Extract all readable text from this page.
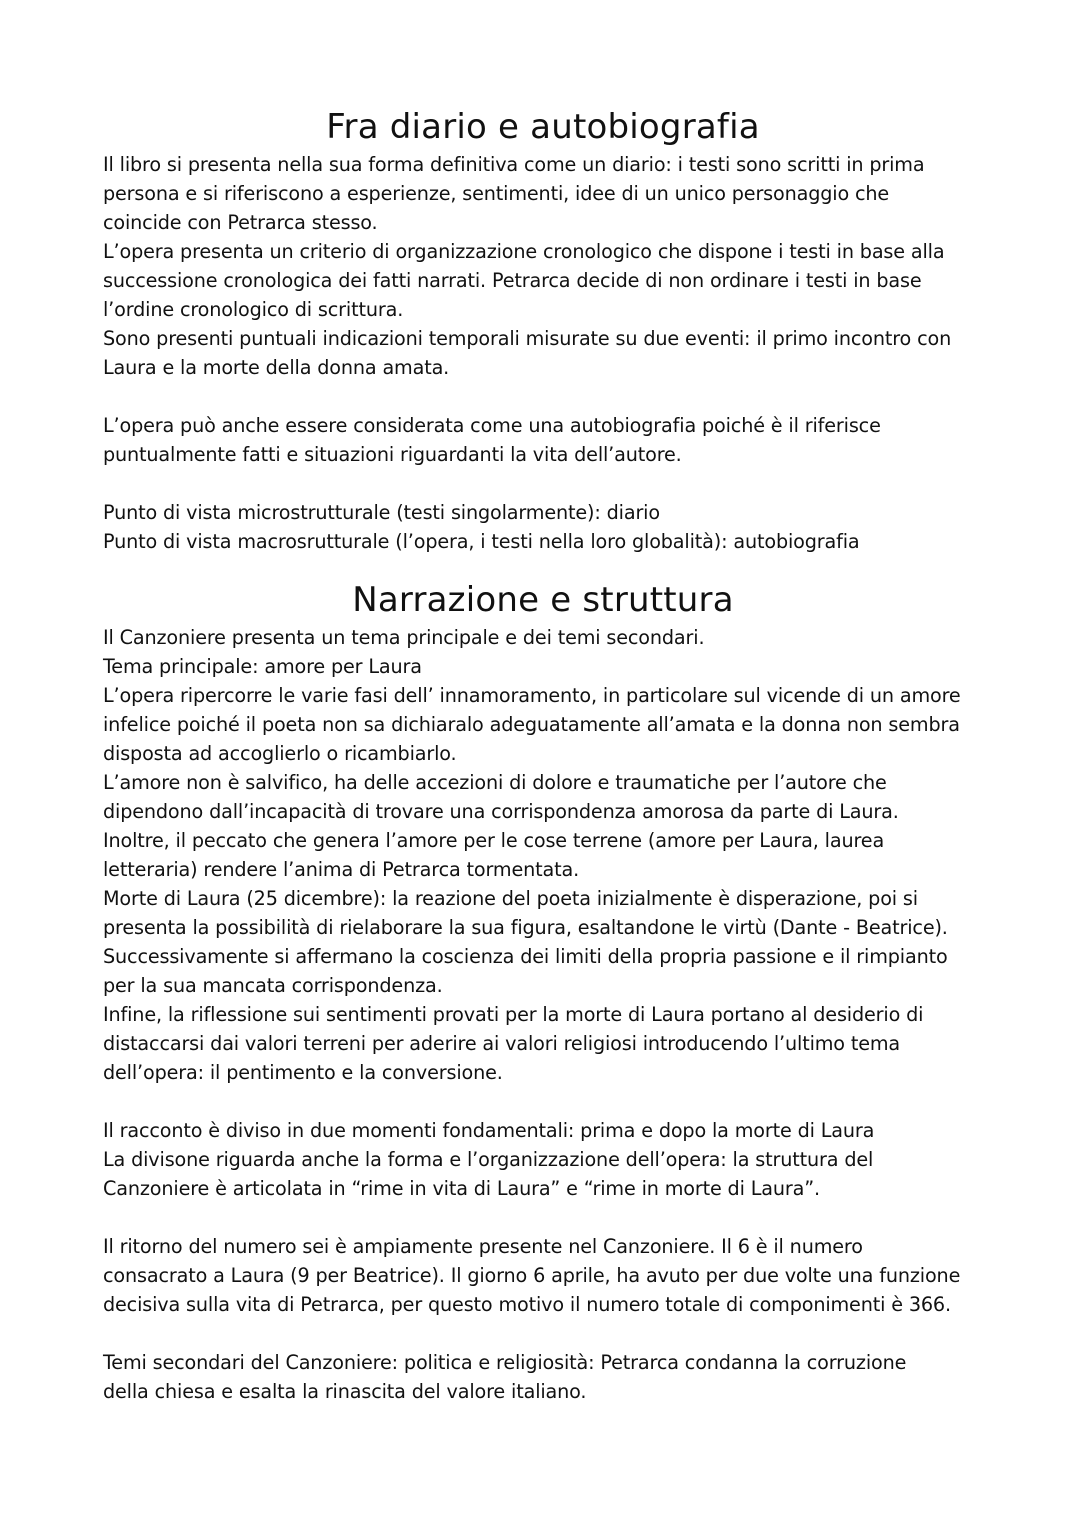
Fra diario e autobiografia

Il libro si presenta nella sua forma definitiva come un diario: i testi sono scritti in prima

persona e si riferiscono a esperienze, sentimenti, idee di un unico personaggio che

coincide con Petrarca stesso.

L’opera presenta un criterio di organizzazione cronologico che dispone i testi in base alla

successione cronologica dei fatti narrati. Petrarca decide di non ordinare i testi in base

l’ordine cronologico di scrittura.

Sono presenti puntuali indicazioni temporali misurate su due eventi: il primo incontro con

Laura e la morte della donna amata.

L’opera può anche essere considerata come una autobiografia poiché è il riferisce

puntualmente fatti e situazioni riguardanti la vita dell’autore.

Punto di vista microstrutturale (testi singolarmente): diario

Punto di vista macrosrutturale (l’opera, i testi nella loro globalità): autobiografia

Narrazione e struttura

Il Canzoniere presenta un tema principale e dei temi secondari.

Tema principale: amore per Laura

L’opera ripercorre le varie fasi dell’ innamoramento, in particolare sul vicende di un amore

infelice poiché il poeta non sa dichiaralo adeguatamente all’amata e la donna non sembra

disposta ad accoglierlo o ricambiarlo.

L’amore non è salvifico, ha delle accezioni di dolore e traumatiche per l’autore che

dipendono dall’incapacità di trovare una corrispondenza amorosa da parte di Laura.

Inoltre, il peccato che genera l’amore per le cose terrene (amore per Laura, laurea

letteraria) rendere l’anima di Petrarca tormentata.

Morte di Laura (25 dicembre): la reazione del poeta inizialmente è disperazione, poi si

presenta la possibilità di rielaborare la sua figura, esaltandone le virtù (Dante - Beatrice).

Successivamente si affermano la coscienza dei limiti della propria passione e il rimpianto

per la sua mancata corrispondenza.

Infine, la riflessione sui sentimenti provati per la morte di Laura portano al desiderio di

distaccarsi dai valori terreni per aderire ai valori religiosi introducendo l’ultimo tema

dell’opera: il pentimento e la conversione.

Il racconto è diviso in due momenti fondamentali: prima e dopo la morte di Laura

La divisone riguarda anche la forma e l’organizzazione dell’opera: la struttura del

Canzoniere è articolata in “rime in vita di Laura” e “rime in morte di Laura”.

Il ritorno del numero sei è ampiamente presente nel Canzoniere. Il 6 è il numero

consacrato a Laura (9 per Beatrice). Il giorno 6 aprile, ha avuto per due volte una funzione

decisiva sulla vita di Petrarca, per questo motivo il numero totale di componimenti è 366.

Temi secondari del Canzoniere: politica e religiosità: Petrarca condanna la corruzione

della chiesa e esalta la rinascita del valore italiano.
